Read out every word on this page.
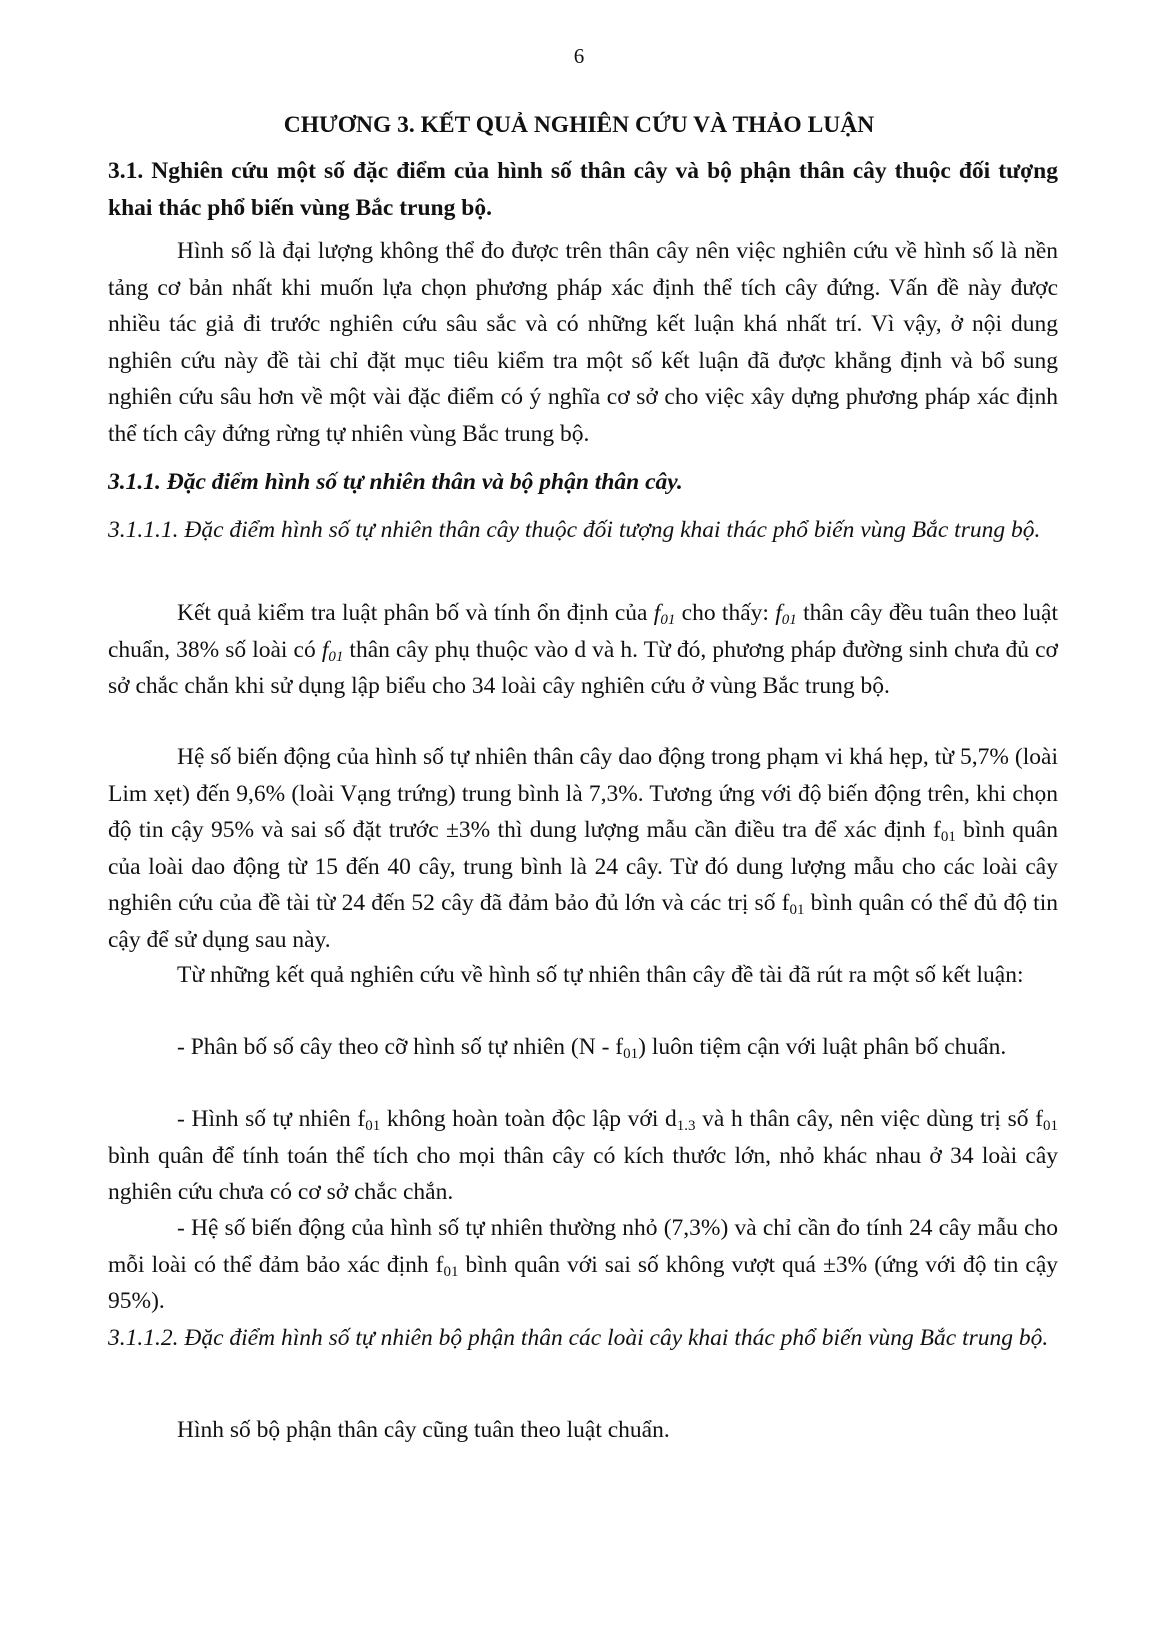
6
CHƯƠNG 3. KẾT QUẢ NGHIÊN CỨU VÀ THẢO LUẬN
3.1. Nghiên cứu một số đặc điểm của hình số thân cây và bộ phận thân cây thuộc đối tượng khai thác phổ biến vùng Bắc trung bộ.
Hình số là đại lượng không thể đo được trên thân cây nên việc nghiên cứu về hình số là nền tảng cơ bản nhất khi muốn lựa chọn phương pháp xác định thể tích cây đứng. Vấn đề này được nhiều tác giả đi trước nghiên cứu sâu sắc và có những kết luận khá nhất trí. Vì vậy, ở nội dung nghiên cứu này đề tài chỉ đặt mục tiêu kiểm tra một số kết luận đã được khẳng định và bổ sung nghiên cứu sâu hơn về một vài đặc điểm có ý nghĩa cơ sở cho việc xây dựng phương pháp xác định thể tích cây đứng rừng tự nhiên vùng Bắc trung bộ.
3.1.1. Đặc điểm hình số tự nhiên thân và bộ phận thân cây.
3.1.1.1. Đặc điểm hình số tự nhiên thân cây thuộc đối tượng khai thác phổ biến vùng Bắc trung bộ.
Kết quả kiểm tra luật phân bố và tính ổn định của $f_{01}$ cho thấy: $f_{01}$ thân cây đều tuân theo luật chuẩn, 38% số loài có $f_{01}$ thân cây phụ thuộc vào d và h. Từ đó, phương pháp đường sinh chưa đủ cơ sở chắc chắn khi sử dụng lập biểu cho 34 loài cây nghiên cứu ở vùng Bắc trung bộ.
Hệ số biến động của hình số tự nhiên thân cây dao động trong phạm vi khá hẹp, từ 5,7% (loài Lim xẹt) đến 9,6% (loài Vạng trứng) trung bình là 7,3%. Tương ứng với độ biến động trên, khi chọn độ tin cậy 95% và sai số đặt trước ±3% thì dung lượng mẫu cần điều tra để xác định $f_{01}$ bình quân của loài dao động từ 15 đến 40 cây, trung bình là 24 cây. Từ đó dung lượng mẫu cho các loài cây nghiên cứu của đề tài từ 24 đến 52 cây đã đảm bảo đủ lớn và các trị số $f_{01}$ bình quân có thể đủ độ tin cậy để sử dụng sau này.
Từ những kết quả nghiên cứu về hình số tự nhiên thân cây đề tài đã rút ra một số kết luận:
- Phân bố số cây theo cỡ hình số tự nhiên $(N - f_{01})$ luôn tiệm cận với luật phân bố chuẩn.
- Hình số tự nhiên $f_{01}$ không hoàn toàn độc lập với $d_{1.3}$ và h thân cây, nên việc dùng trị số $f_{01}$ bình quân để tính toán thể tích cho mọi thân cây có kích thước lớn, nhỏ khác nhau ở 34 loài cây nghiên cứu chưa có cơ sở chắc chắn.
- Hệ số biến động của hình số tự nhiên thường nhỏ (7,3%) và chỉ cần đo tính 24 cây mẫu cho mỗi loài có thể đảm bảo xác định $f_{01}$ bình quân với sai số không vượt quá ±3% (ứng với độ tin cậy 95%).
3.1.1.2. Đặc điểm hình số tự nhiên bộ phận thân các loài cây khai thác phổ biến vùng Bắc trung bộ.
Hình số bộ phận thân cây cũng tuân theo luật chuẩn.
